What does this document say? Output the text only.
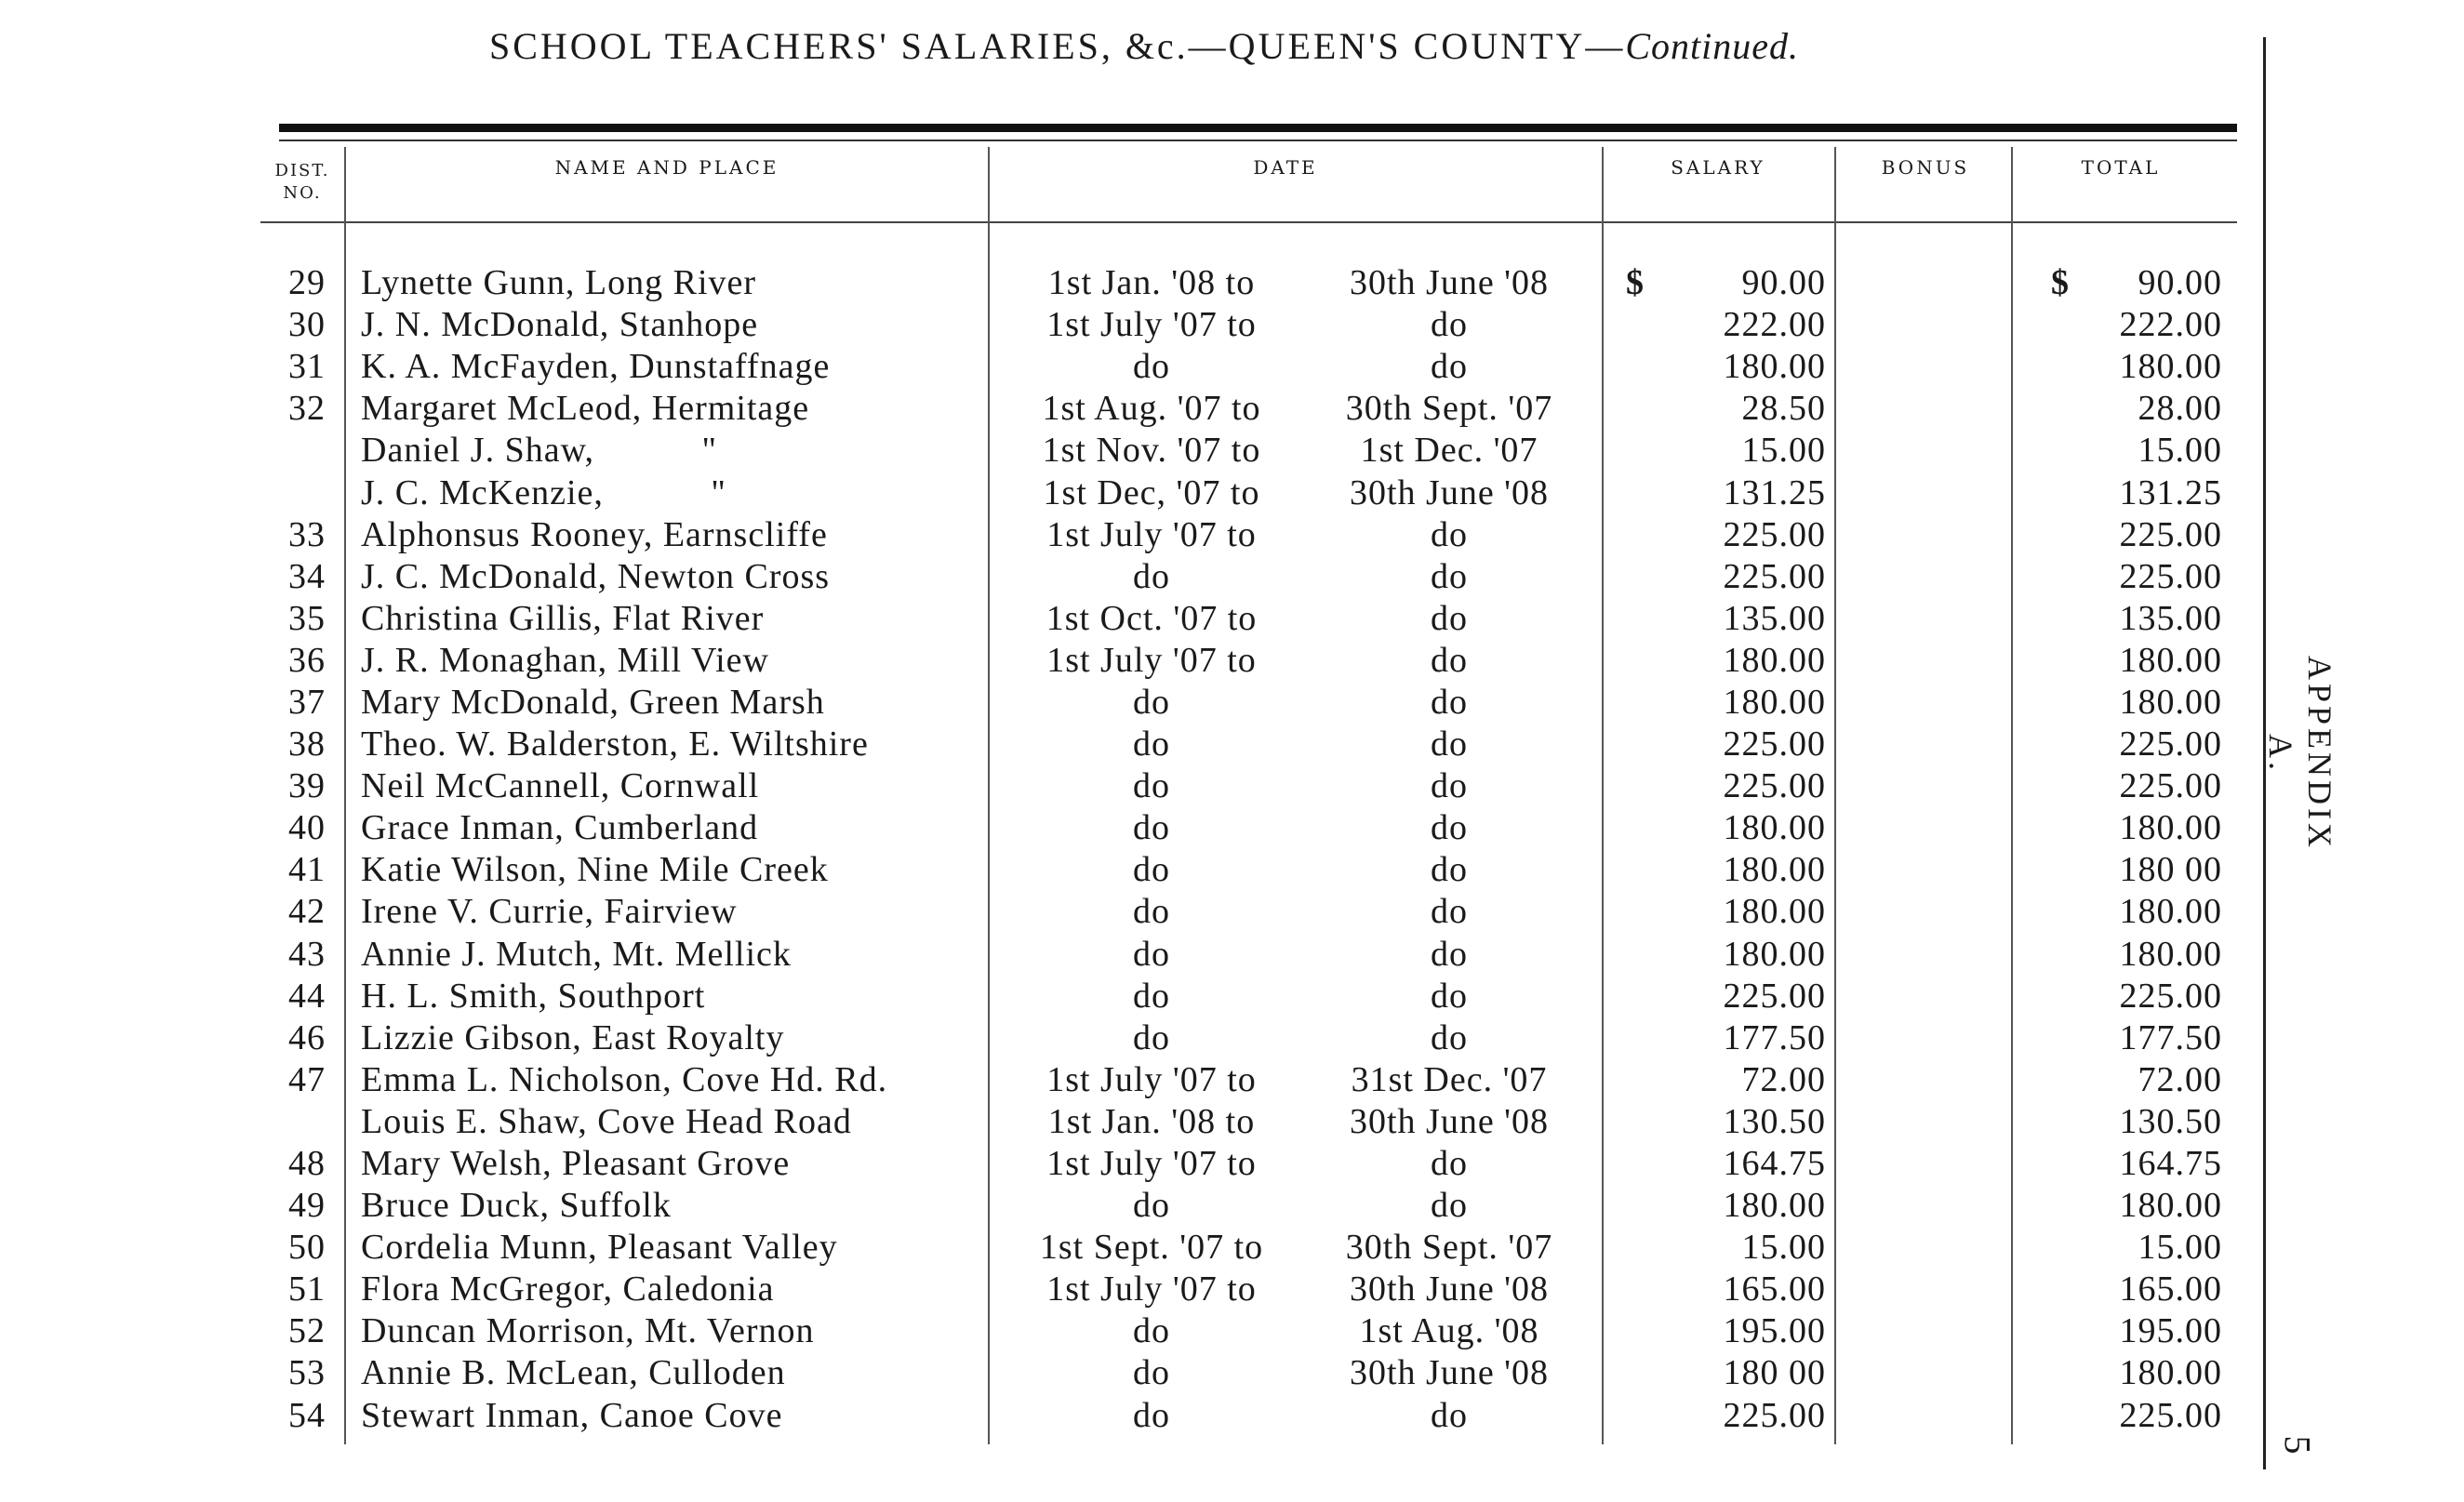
SCHOOL TEACHERS' SALARIES, &c.—QUEEN'S COUNTY—Continued.
DIST.
NO.
NAME AND PLACE	DATE	SALARY	BONUS	TOTAL
29	Lynette Gunn, Long River	1st Jan. '08 to	30th June '08	$ 90.00		$ 90.00
30	J. N. McDonald, Stanhope	1st July '07 to	do	222.00		222.00
31	K. A. McFayden, Dunstaffnage	do	do	180.00		180.00
32	Margaret McLeod, Hermitage	1st Aug. '07 to	30th Sept. '07	28.50		28.00
	Daniel J. Shaw,           "	1st Nov. '07 to	1st Dec. '07	15.00		15.00
	J. C. McKenzie,           "	1st Dec, '07 to	30th June '08	131.25		131.25
33	Alphonsus Rooney, Earnscliffe	1st July '07 to	do	225.00		225.00
34	J. C. McDonald, Newton Cross	do	do	225.00		225.00
35	Christina Gillis, Flat River	1st Oct. '07 to	do	135.00		135.00
36	J. R. Monaghan, Mill View	1st July '07 to	do	180.00		180.00
37	Mary McDonald, Green Marsh	do	do	180.00		180.00
38	Theo. W. Balderston, E. Wiltshire	do	do	225.00		225.00
39	Neil McCannell, Cornwall	do	do	225.00		225.00
40	Grace Inman, Cumberland	do	do	180.00		180.00
41	Katie Wilson, Nine Mile Creek	do	do	180.00		180 00
42	Irene V. Currie, Fairview	do	do	180.00		180.00
43	Annie J. Mutch, Mt. Mellick	do	do	180.00		180.00
44	H. L. Smith, Southport	do	do	225.00		225.00
46	Lizzie Gibson, East Royalty	do	do	177.50		177.50
47	Emma L. Nicholson, Cove Hd. Rd.	1st July '07 to	31st Dec. '07	72.00		72.00
	Louis E. Shaw, Cove Head Road	1st Jan. '08 to	30th June '08	130.50		130.50
48	Mary Welsh, Pleasant Grove	1st July '07 to	do	164.75		164.75
49	Bruce Duck, Suffolk	do	do	180.00		180.00
50	Cordelia Munn, Pleasant Valley	1st Sept. '07 to	30th Sept. '07	15.00		15.00
51	Flora McGregor, Caledonia	1st July '07 to	30th June '08	165.00		165.00
52	Duncan Morrison, Mt. Vernon	do	1st Aug. '08	195.00		195.00
53	Annie B. McLean, Culloden	do	30th June '08	180 00		180.00
54	Stewart Inman, Canoe Cove	do	do	225.00		225.00
APPENDIX A.
5
